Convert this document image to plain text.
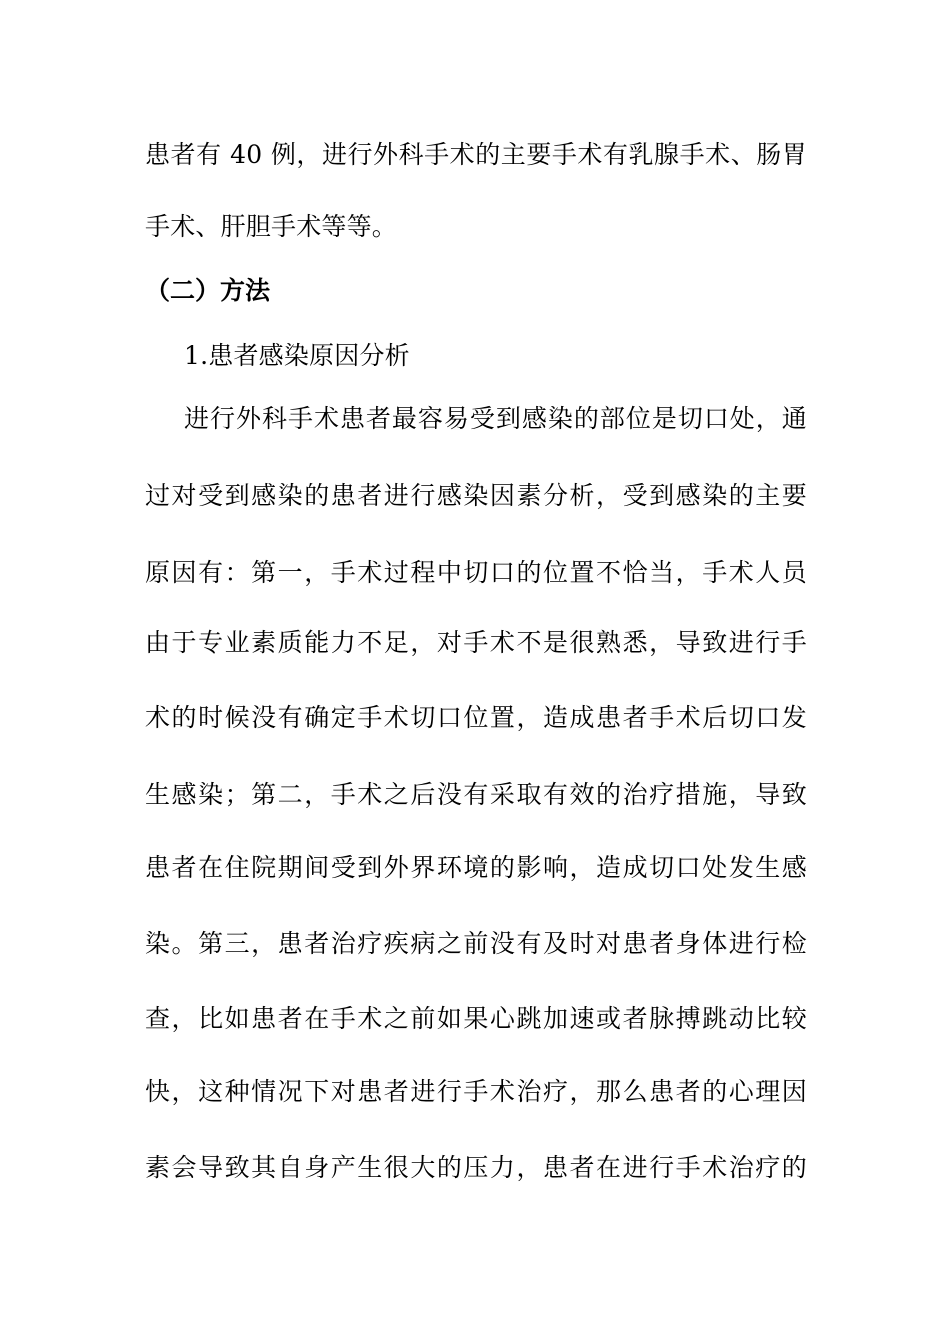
患者有 40 例，进行外科手术的主要手术有乳腺手术、肠胃
手术、肝胆手术等等。
（二）方法
1.患者感染原因分析
进行外科手术患者最容易受到感染的部位是切口处，通
过对受到感染的患者进行感染因素分析，受到感染的主要
原因有：第一，手术过程中切口的位置不恰当，手术人员
由于专业素质能力不足，对手术不是很熟悉，导致进行手
术的时候没有确定手术切口位置，造成患者手术后切口发
生感染；第二，手术之后没有采取有效的治疗措施，导致
患者在住院期间受到外界环境的影响，造成切口处发生感
染。第三，患者治疗疾病之前没有及时对患者身体进行检
查，比如患者在手术之前如果心跳加速或者脉搏跳动比较
快，这种情况下对患者进行手术治疗，那么患者的心理因
素会导致其自身产生很大的压力，患者在进行手术治疗的
